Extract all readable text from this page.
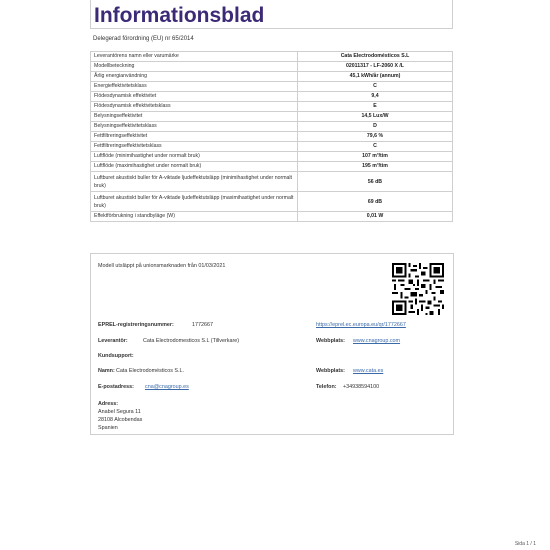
Informationsblad
Delegerad förordning (EU) nr 65/2014
Leverantörens namn eller varumärke	Cata Electrodomésticos S.L
Modellbeteckning	02011317 - LF-2060 X /L
Årlig energianvändning	45,1 kWh/år (annum)
Energieffektivitetsklass	C
Flödesdynamisk effektivitet	9,4
Flödesdynamisk effektivitetsklass	E
Belysningseffektivitet	14,5 Lux/W
Belysningseffektivitetsklass	D
Fettfiltreringseffektivitet	79,6 %
Fettfiltreringseffektivitetsklass	C
Luftflöde (minimihastighet under normalt bruk)	107 m³/tim
Luftflöde (maximihastighet under normalt bruk)	195 m³/tim
Luftburet akustiskt buller för A-viktade ljudeffektutsläpp (minimihastighet under normalt bruk)	56 dB
Luftburet akustiskt buller för A-viktade ljudeffektutsläpp (maximihastighet under normalt bruk)	69 dB
Effektförbrukning i standbyläge (W)	0,01 W
Modell utsläppt på unionsmarknaden från 01/03/2021
EPREL-registreringsnummer:	1772667	https://eprel.ec.europa.eu/qr/1772667
Leverantör:	Cata Electrodomesticos S.L (Tillverkare)	Webbplats: www.cnagroup.com
Kundsupport:
Namn: Cata Electrodomésticos S.L.	Webbplats: www.cata.es
E-postadress: cna@cnagroup.es	Telefon: +34938594100
Adress:
Anabel Segura 11
28108 Alcobendas
Spanien
Sida 1 / 1
